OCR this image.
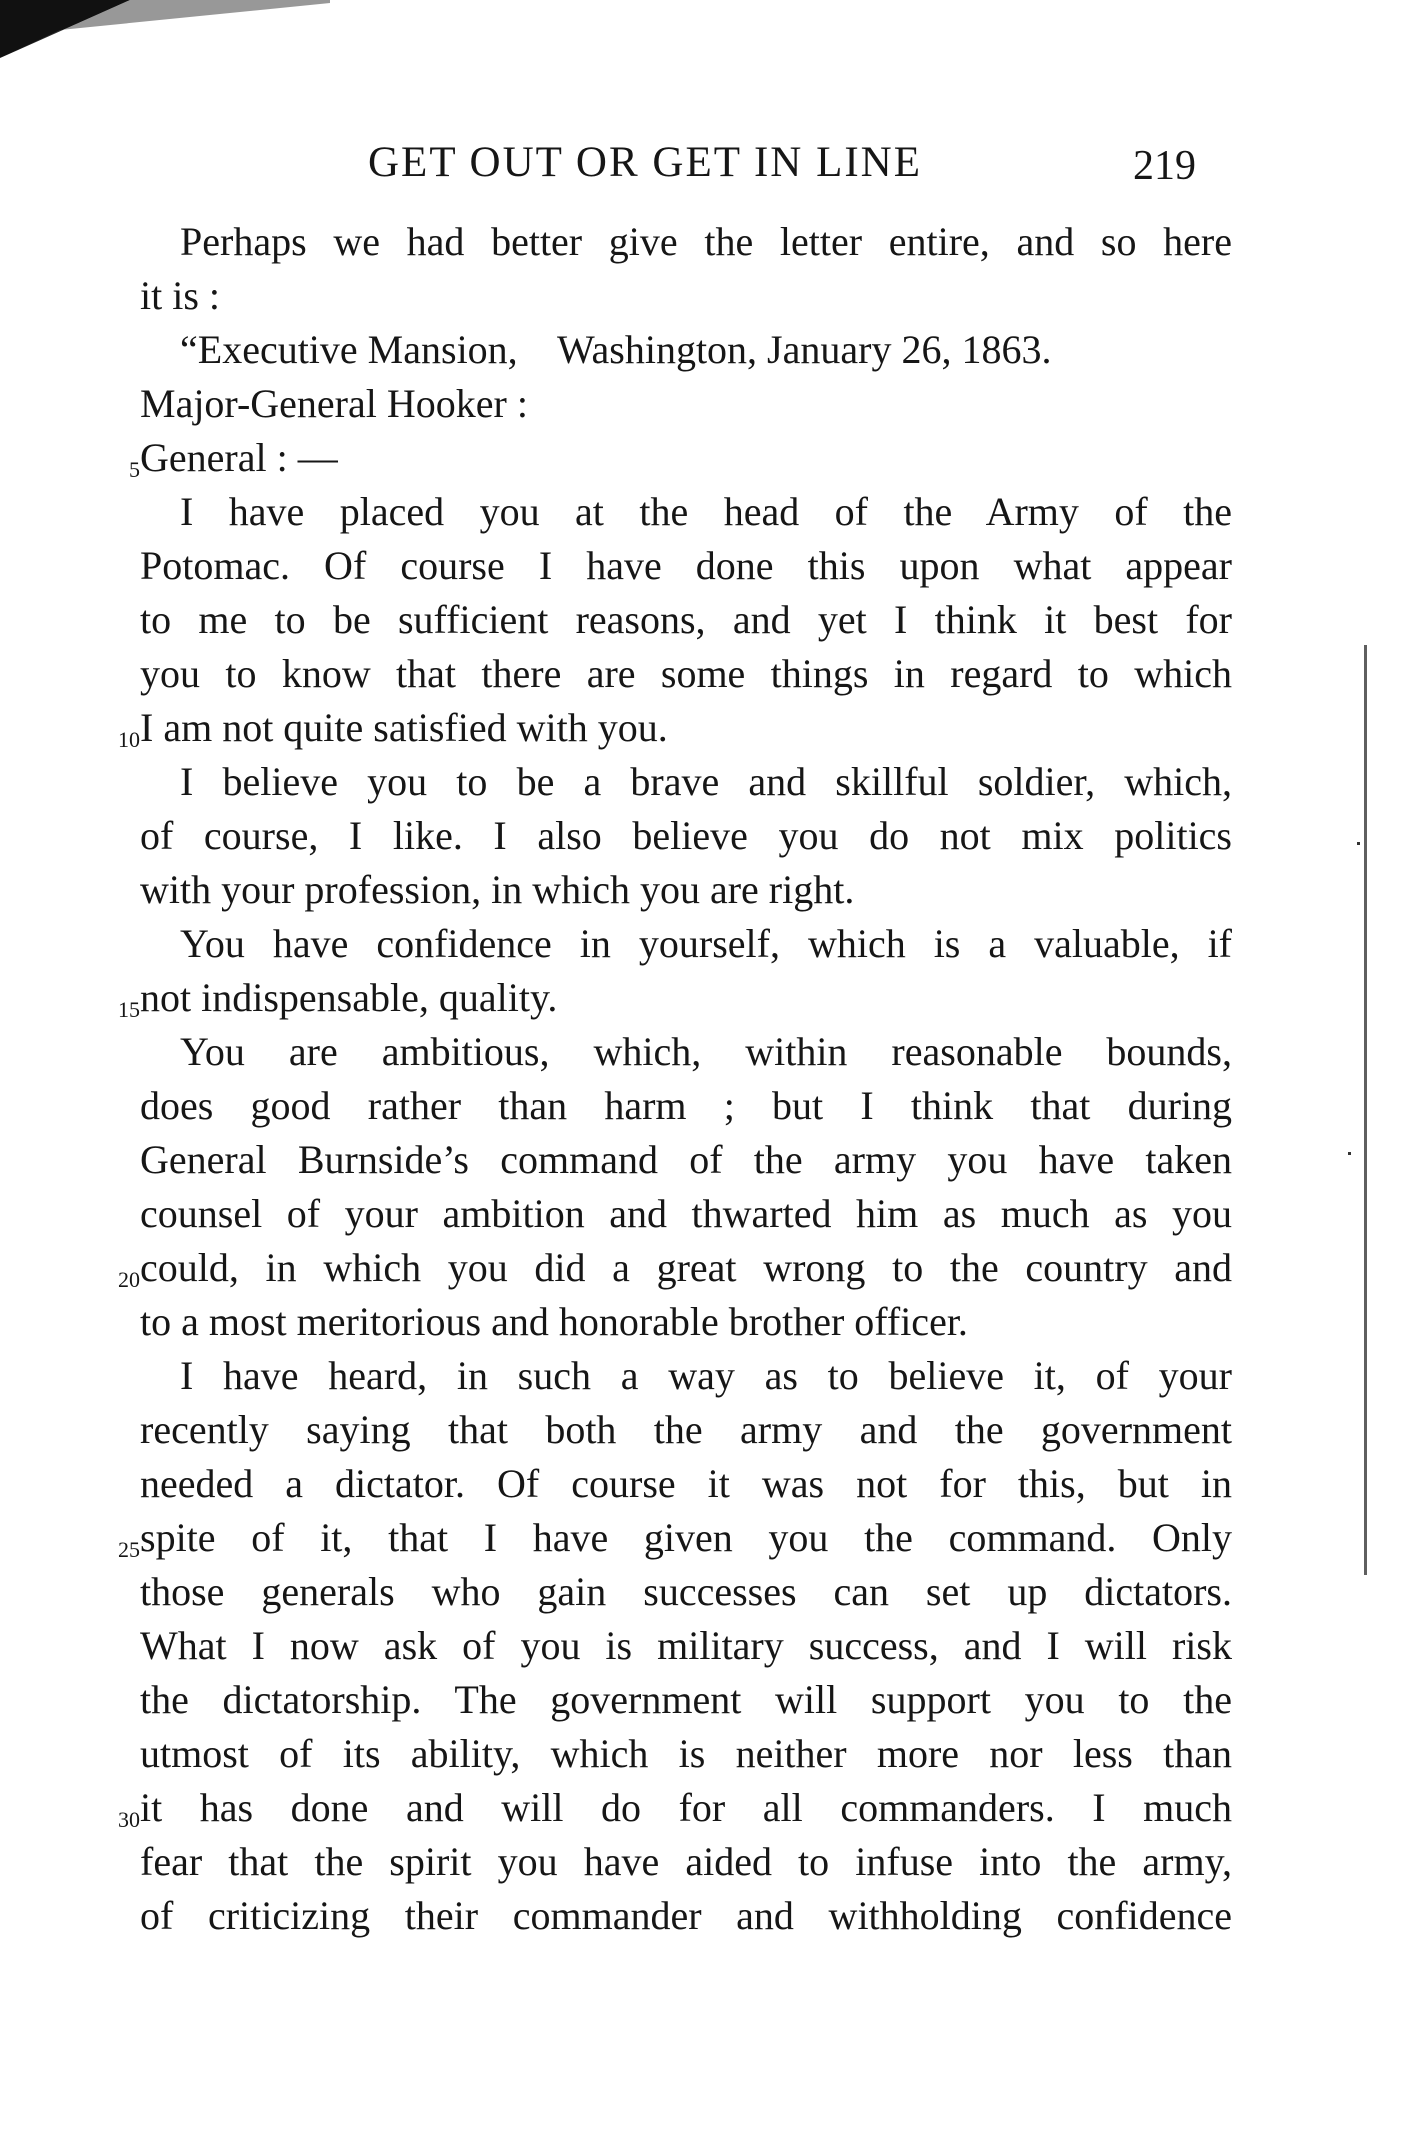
GET OUT OR GET IN LINE	219
Perhaps we had better give the letter entire, and so here
it is :
“Executive Mansion,    Washington, January 26, 1863.
Major-General Hooker :
General : —
I have placed you at the head of the Army of the
Potomac. Of course I have done this upon what appear
to me to be sufficient reasons, and yet I think it best for
you to know that there are some things in regard to which
I am not quite satisfied with you.
I believe you to be a brave and skillful soldier, which,
of course, I like. I also believe you do not mix politics
with your profession, in which you are right.
You have confidence in yourself, which is a valuable, if
not indispensable, quality.
You are ambitious, which, within reasonable bounds,
does good rather than harm ; but I think that during
General Burnside’s command of the army you have taken
counsel of your ambition and thwarted him as much as you
could, in which you did a great wrong to the country and
to a most meritorious and honorable brother officer.
I have heard, in such a way as to believe it, of your
recently saying that both the army and the government
needed a dictator. Of course it was not for this, but in
spite of it, that I have given you the command. Only
those generals who gain successes can set up dictators.
What I now ask of you is military success, and I will risk
the dictatorship. The government will support you to the
utmost of its ability, which is neither more nor less than
it has done and will do for all commanders. I much
fear that the spirit you have aided to infuse into the army,
of criticizing their commander and withholding confidence
5
10
15
20
25
30
